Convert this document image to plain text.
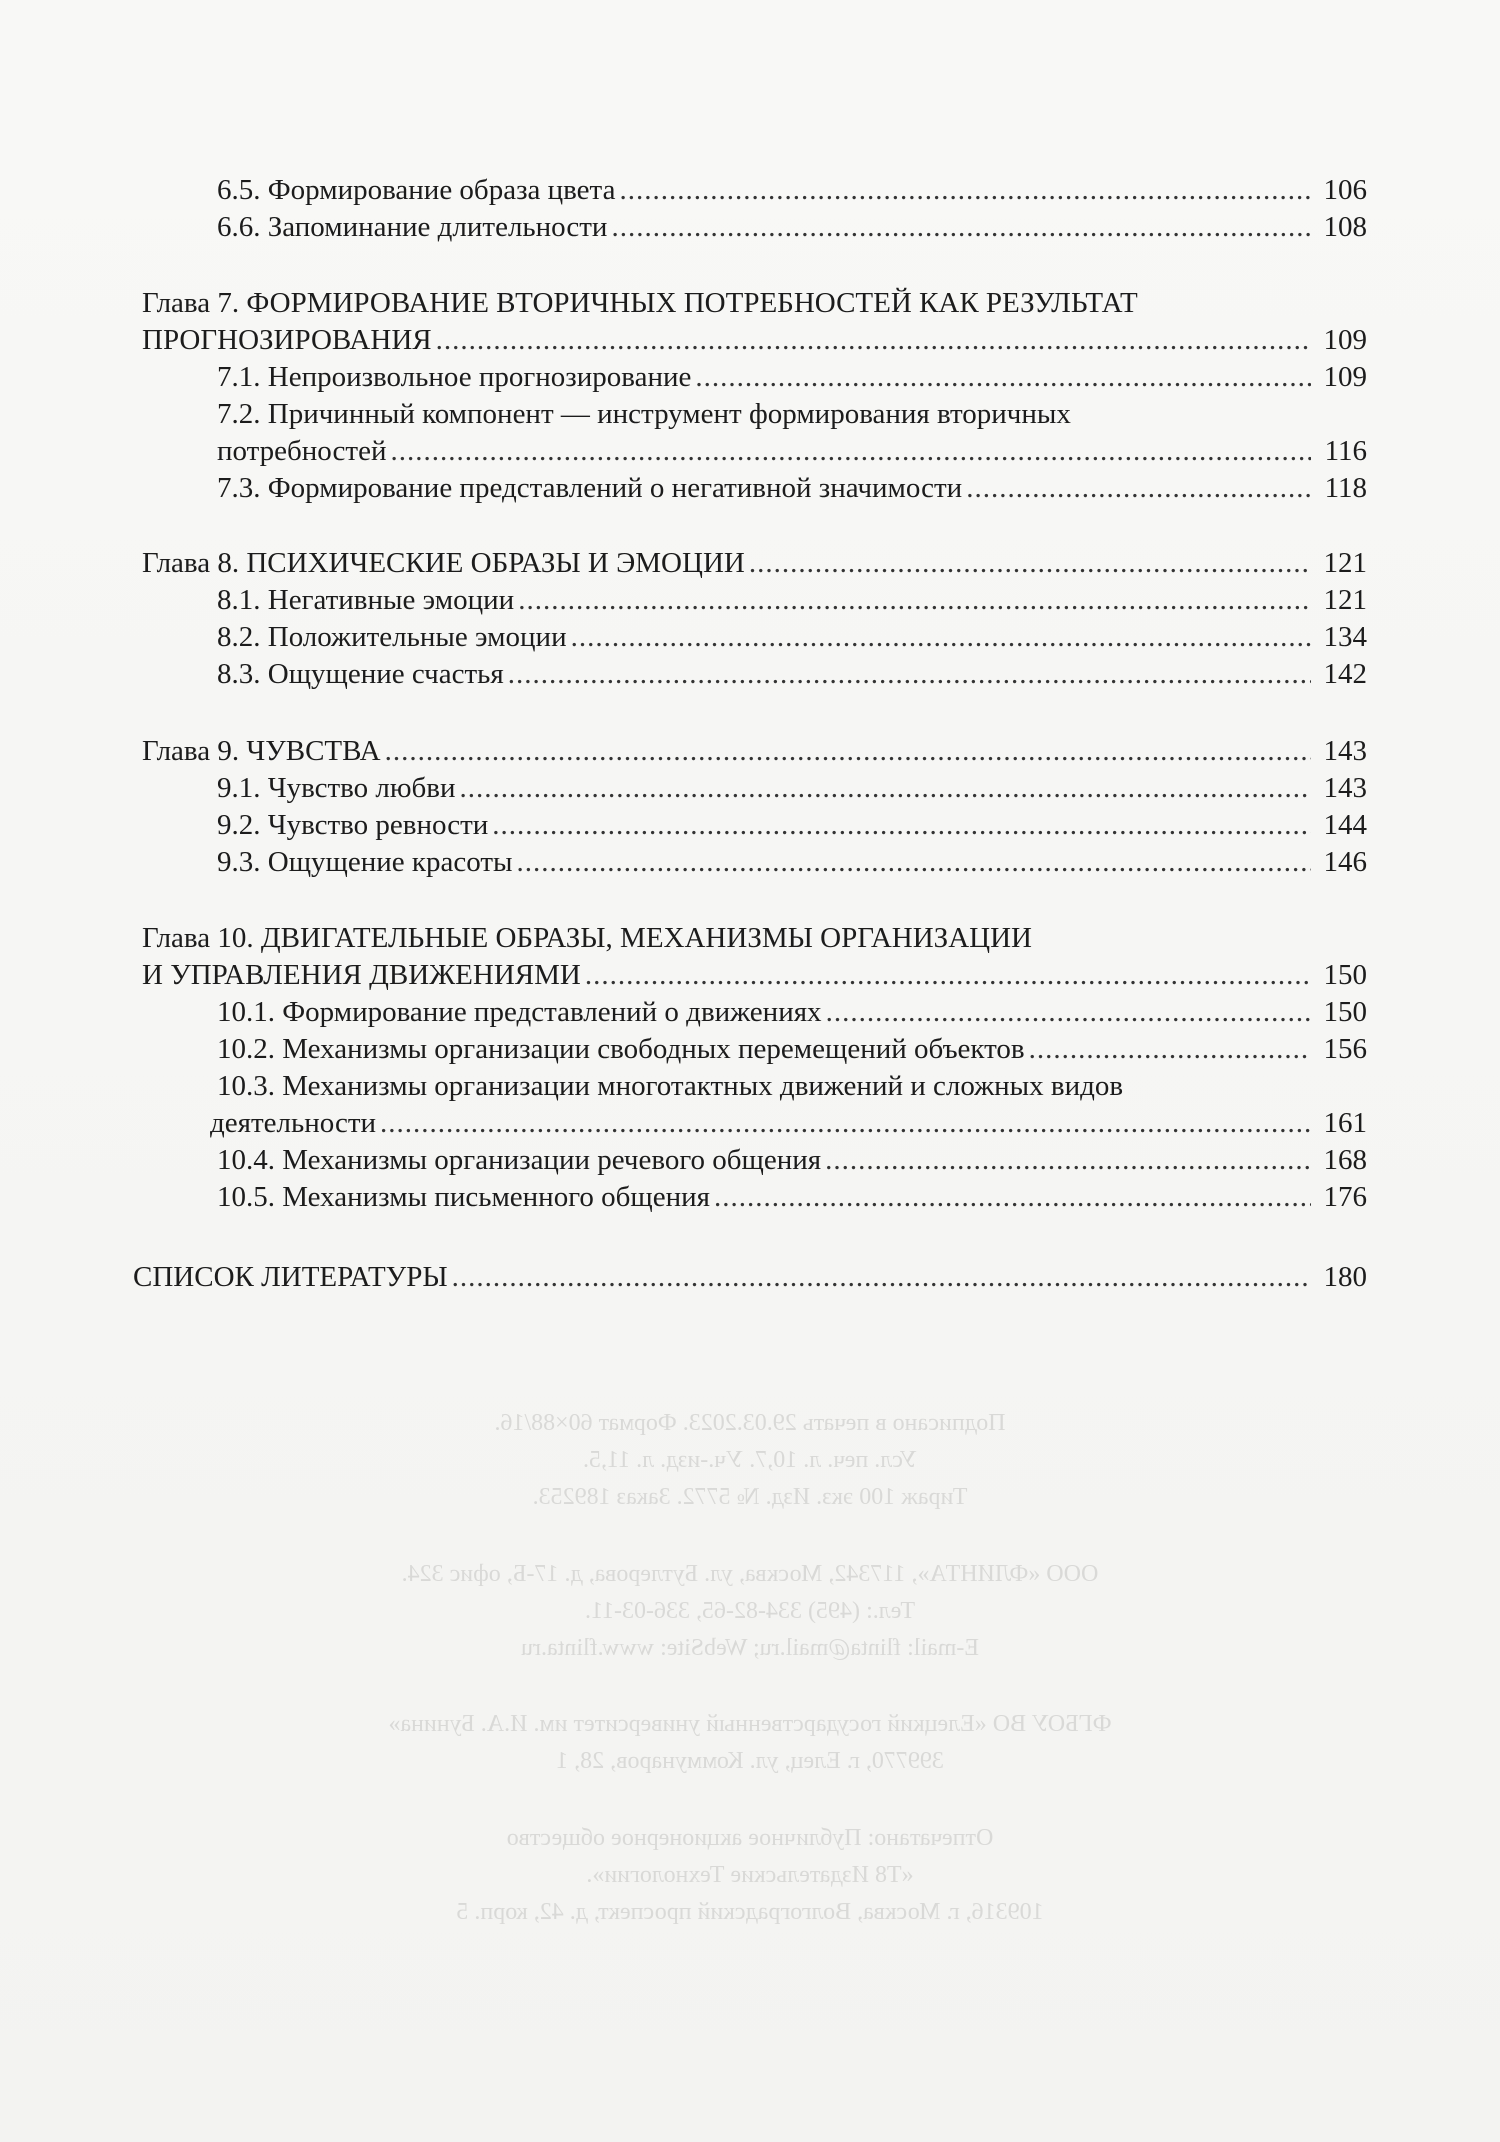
6.5. Формирование образа цвета .....	106
6.6. Запоминание длительности .....	108
Глава 7. ФОРМИРОВАНИЕ ВТОРИЧНЫХ ПОТРЕБНОСТЕЙ КАК РЕЗУЛЬТАТ
ПРОГНОЗИРОВАНИЯ .....	109
7.1. Непроизвольное прогнозирование .....	109
7.2. Причинный компонент — инструмент формирования вторичных
потребностей .....	116
7.3. Формирование представлений о негативной значимости .....	118
Глава 8. ПСИХИЧЕСКИЕ ОБРАЗЫ И ЭМОЦИИ .....	121
8.1. Негативные эмоции .....	121
8.2. Положительные эмоции .....	134
8.3. Ощущение счастья .....	142
Глава 9. ЧУВСТВА .....	143
9.1. Чувство любви .....	143
9.2. Чувство ревности .....	144
9.3. Ощущение красоты .....	146
Глава 10. ДВИГАТЕЛЬНЫЕ ОБРАЗЫ, МЕХАНИЗМЫ ОРГАНИЗАЦИИ
И УПРАВЛЕНИЯ ДВИЖЕНИЯМИ .....	150
10.1. Формирование представлений о движениях .....	150
10.2. Механизмы организации свободных перемещений объектов .....	156
10.3. Механизмы организации многотактных движений и сложных видов
деятельности .....	161
10.4. Механизмы организации речевого общения .....	168
10.5. Механизмы письменного общения .....	176
СПИСОК ЛИТЕРАТУРЫ .....	180
Подписано в печать 29.03.2023. Формат 60×88/16.
Усл. печ. л. 10,7. Уч.-изд. л. 11,5.
Тираж 100 экз. Изд. № 5772. Заказ 189253.
ООО «ФЛИНТА», 117342, Москва, ул. Бутлерова, д. 17-Б, офис 324.
Тел.: (495) 334-82-65, 336-03-11.
E-mail: flinta@mail.ru; WebSite: www.flinta.ru
ФГБОУ ВО «Елецкий государственный университет им. И.А. Бунина»
399770, г. Елец, ул. Коммунаров, 28, 1
Отпечатано: Публичное акционерное общество
«T8 Издательские Технологии».
109316, г. Москва, Волгоградский проспект, д. 42, корп. 5
